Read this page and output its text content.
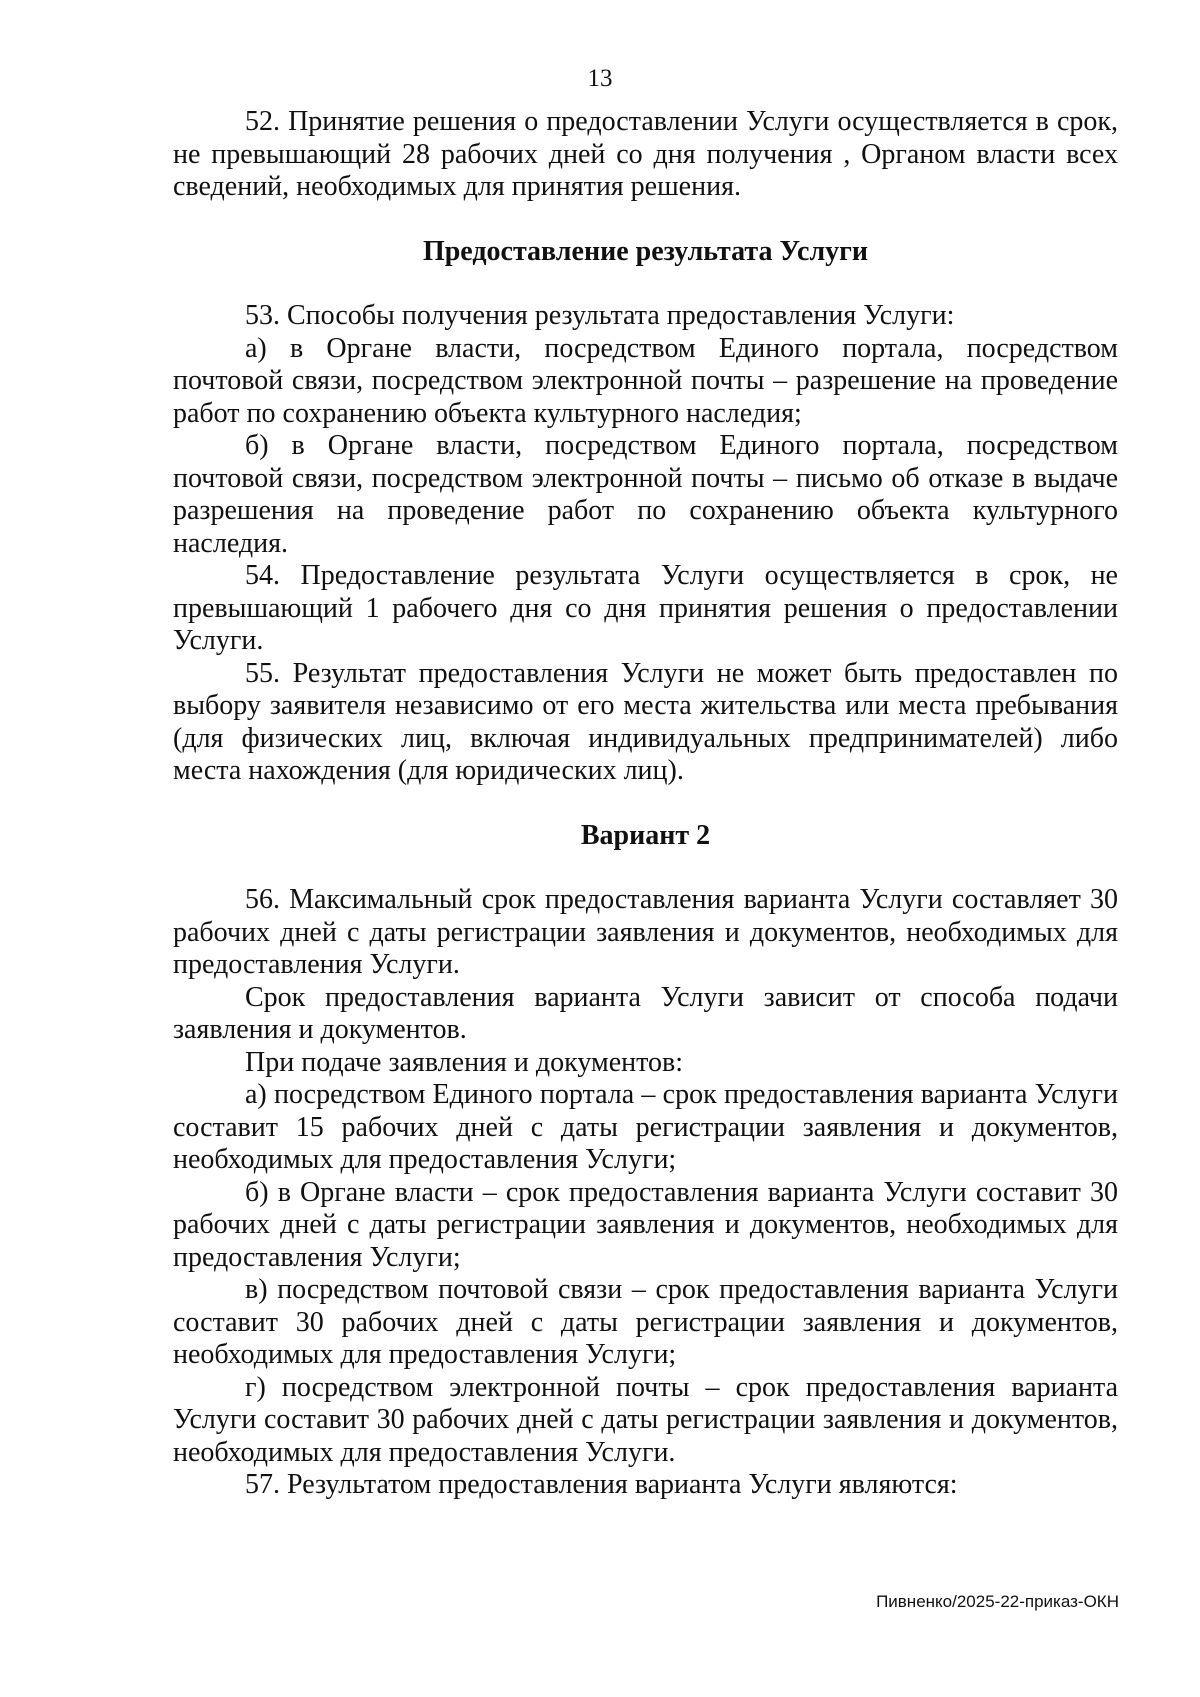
13

52. Принятие решения о предоставлении Услуги осуществляется в срок, не превышающий 28 рабочих дней со дня получения , Органом власти всех сведений, необходимых для принятия решения.

Предоставление результата Услуги

53. Способы получения результата предоставления Услуги:

а) в Органе власти, посредством Единого портала, посредством почтовой связи, посредством электронной почты – разрешение на проведение работ по сохранению объекта культурного наследия;

б) в Органе власти, посредством Единого портала, посредством почтовой связи, посредством электронной почты – письмо об отказе в выдаче разрешения на проведение работ по сохранению объекта культурного наследия.

54. Предоставление результата Услуги осуществляется в срок, не превышающий 1 рабочего дня со дня принятия решения о предоставлении Услуги.

55. Результат предоставления Услуги не может быть предоставлен по выбору заявителя независимо от его места жительства или места пребывания (для физических лиц, включая индивидуальных предпринимателей) либо места нахождения (для юридических лиц).

Вариант 2

56. Максимальный срок предоставления варианта Услуги составляет 30 рабочих дней с даты регистрации заявления и документов, необходимых для предоставления Услуги.

Срок предоставления варианта Услуги зависит от способа подачи заявления и документов.

При подаче заявления и документов:

а) посредством Единого портала – срок предоставления варианта Услуги составит 15 рабочих дней с даты регистрации заявления и документов, необходимых для предоставления Услуги;

б) в Органе власти – срок предоставления варианта Услуги составит 30 рабочих дней с даты регистрации заявления и документов, необходимых для предоставления Услуги;

в) посредством почтовой связи – срок предоставления варианта Услуги составит 30 рабочих дней с даты регистрации заявления и документов, необходимых для предоставления Услуги;

г) посредством электронной почты – срок предоставления варианта Услуги составит 30 рабочих дней с даты регистрации заявления и документов, необходимых для предоставления Услуги.

57. Результатом предоставления варианта Услуги являются:

Пивненко/2025-22-приказ-ОКН
